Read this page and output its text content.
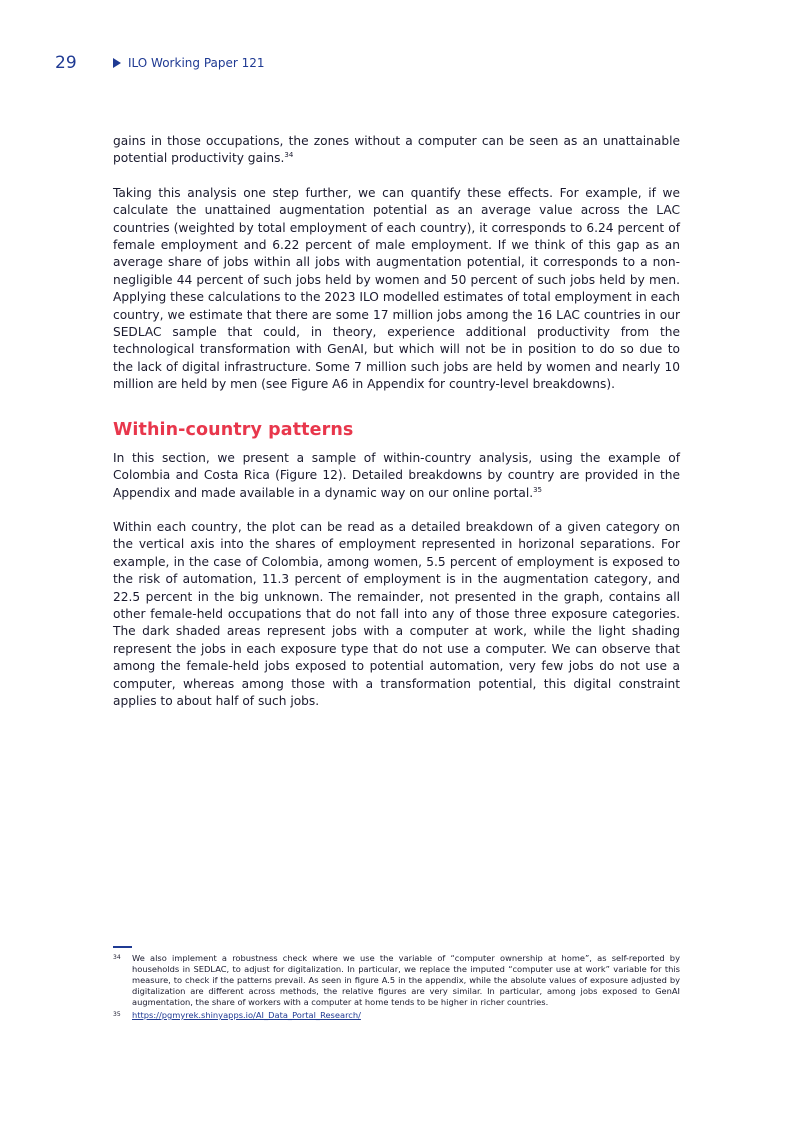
29	ILO Working Paper 121

gains in those occupations, the zones without a computer can be seen as an unattainable potential productivity gains.$^{34}$

Taking this analysis one step further, we can quantify these effects. For example, if we calculate the unattained augmentation potential as an average value across the LAC countries (weighted by total employment of each country), it corresponds to 6.24 percent of female employment and 6.22 percent of male employment. If we think of this gap as an average share of jobs within all jobs with augmentation potential, it corresponds to a non-negligible 44 percent of such jobs held by women and 50 percent of such jobs held by men. Applying these calculations to the 2023 ILO modelled estimates of total employment in each country, we estimate that there are some 17 million jobs among the 16 LAC countries in our SEDLAC sample that could, in theory, experience additional productivity from the technological transformation with GenAI, but which will not be in position to do so due to the lack of digital infrastructure. Some 7 million such jobs are held by women and nearly 10 million are held by men (see Figure A6 in Appendix for country-level breakdowns).

Within-country patterns

In this section, we present a sample of within-country analysis, using the example of Colombia and Costa Rica (Figure 12). Detailed breakdowns by country are provided in the Appendix and made available in a dynamic way on our online portal.$^{35}$

Within each country, the plot can be read as a detailed breakdown of a given category on the vertical axis into the shares of employment represented in horizonal separations. For example, in the case of Colombia, among women, 5.5 percent of employment is exposed to the risk of automation, 11.3 percent of employment is in the augmentation category, and 22.5 percent in the big unknown. The remainder, not presented in the graph, contains all other female-held occupations that do not fall into any of those three exposure categories. The dark shaded areas represent jobs with a computer at work, while the light shading represent the jobs in each exposure type that do not use a computer. We can observe that among the female-held jobs exposed to potential automation, very few jobs do not use a computer, whereas among those with a transformation potential, this digital constraint applies to about half of such jobs.

34	We also implement a robustness check where we use the variable of “computer ownership at home”, as self-reported by households in SEDLAC, to adjust for digitalization. In particular, we replace the imputed “computer use at work” variable for this measure, to check if the patterns prevail. As seen in figure A.5 in the appendix, while the absolute values of exposure adjusted by digitalization are different across methods, the relative figures are very similar. In particular, among jobs exposed to GenAI augmentation, the share of workers with a computer at home tends to be higher in richer countries.
35	https://pgmyrek.shinyapps.io/AI_Data_Portal_Research/
